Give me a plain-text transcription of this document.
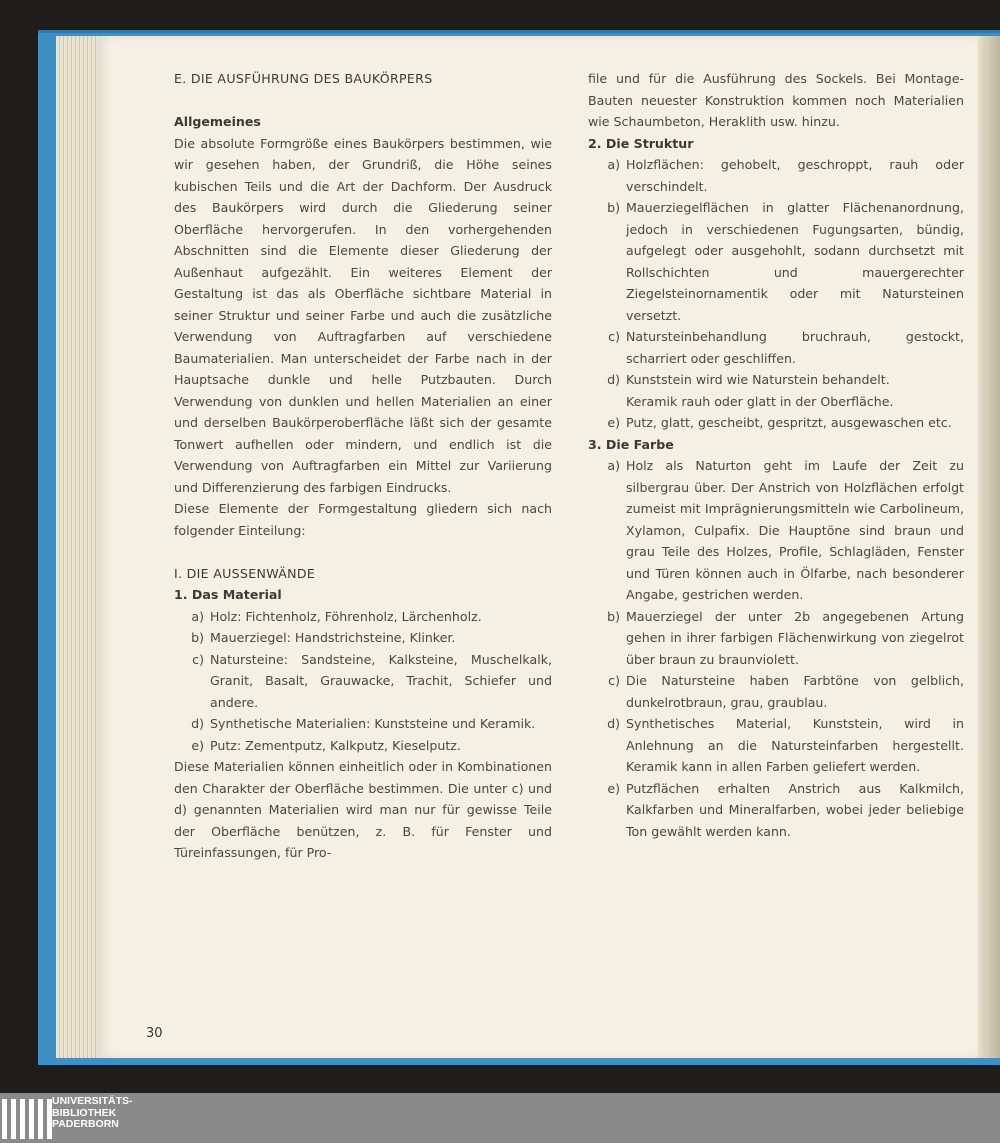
E. DIE AUSFÜHRUNG DES BAUKÖRPERS

Allgemeines

Die absolute Formgröße eines Baukörpers bestimmen, wie wir gesehen haben, der Grundriß, die Höhe seines kubischen Teils und die Art der Dachform. Der Ausdruck des Baukörpers wird durch die Gliederung seiner Oberfläche hervorgerufen. In den vorhergehenden Abschnitten sind die Elemente dieser Gliederung der Außenhaut aufgezählt. Ein weiteres Element der Gestaltung ist das als Oberfläche sichtbare Material in seiner Struktur und seiner Farbe und auch die zusätzliche Verwendung von Auftragfarben auf verschiedene Baumaterialien. Man unterscheidet der Farbe nach in der Hauptsache dunkle und helle Putzbauten. Durch Verwendung von dunklen und hellen Materialien an einer und derselben Baukörperoberfläche läßt sich der gesamte Tonwert aufhellen oder mindern, und endlich ist die Verwendung von Auftragfarben ein Mittel zur Variierung und Differenzierung des farbigen Eindrucks.

Diese Elemente der Formgestaltung gliedern sich nach folgender Einteilung:

I. DIE AUSSENWÄNDE

1. Das Material

a) Holz: Fichtenholz, Föhrenholz, Lärchenholz.
b) Mauerziegel: Handstrichsteine, Klinker.
c) Natursteine: Sandsteine, Kalksteine, Muschelkalk, Granit, Basalt, Grauwacke, Trachit, Schiefer und andere.
d) Synthetische Materialien: Kunststeine und Keramik.
e) Putz: Zementputz, Kalkputz, Kieselputz.

Diese Materialien können einheitlich oder in Kombinationen den Charakter der Oberfläche bestimmen. Die unter c) und d) genannten Materialien wird man nur für gewisse Teile der Oberfläche benützen, z. B. für Fenster und Türeinfassungen, für Pro-

file und für die Ausführung des Sockels. Bei Montage-Bauten neuester Konstruktion kommen noch Materialien wie Schaumbeton, Heraklith usw. hinzu.

2. Die Struktur

a) Holzflächen: gehobelt, geschroppt, rauh oder verschindelt.
b) Mauerziegelflächen in glatter Flächenanordnung, jedoch in verschiedenen Fugungsarten, bündig, aufgelegt oder ausgehohlt, sodann durchsetzt mit Rollschichten und mauergerechter Ziegelsteinornamentik oder mit Natursteinen versetzt.
c) Natursteinbehandlung bruchrauh, gestockt, scharriert oder geschliffen.
d) Kunststein wird wie Naturstein behandelt.
Keramik rauh oder glatt in der Oberfläche.
e) Putz, glatt, gescheibt, gespritzt, ausgewaschen etc.

3. Die Farbe

a) Holz als Naturton geht im Laufe der Zeit zu silbergrau über. Der Anstrich von Holzflächen erfolgt zumeist mit Imprägnierungsmitteln wie Carbolineum, Xylamon, Culpafix. Die Hauptöne sind braun und grau Teile des Holzes, Profile, Schlagläden, Fenster und Türen können auch in Ölfarbe, nach besonderer Angabe, gestrichen werden.
b) Mauerziegel der unter 2b angegebenen Artung gehen in ihrer farbigen Flächenwirkung von ziegelrot über braun zu braunviolett.
c) Die Natursteine haben Farbtöne von gelblich, dunkelrotbraun, grau, graublau.
d) Synthetisches Material, Kunststein, wird in Anlehnung an die Natursteinfarben hergestellt. Keramik kann in allen Farben geliefert werden.
e) Putzflächen erhalten Anstrich aus Kalkmilch, Kalkfarben und Mineralfarben, wobei jeder beliebige Ton gewählt werden kann.
30
UNIVERSITÄTS-
BIBLIOTHEK
PADERBORN
